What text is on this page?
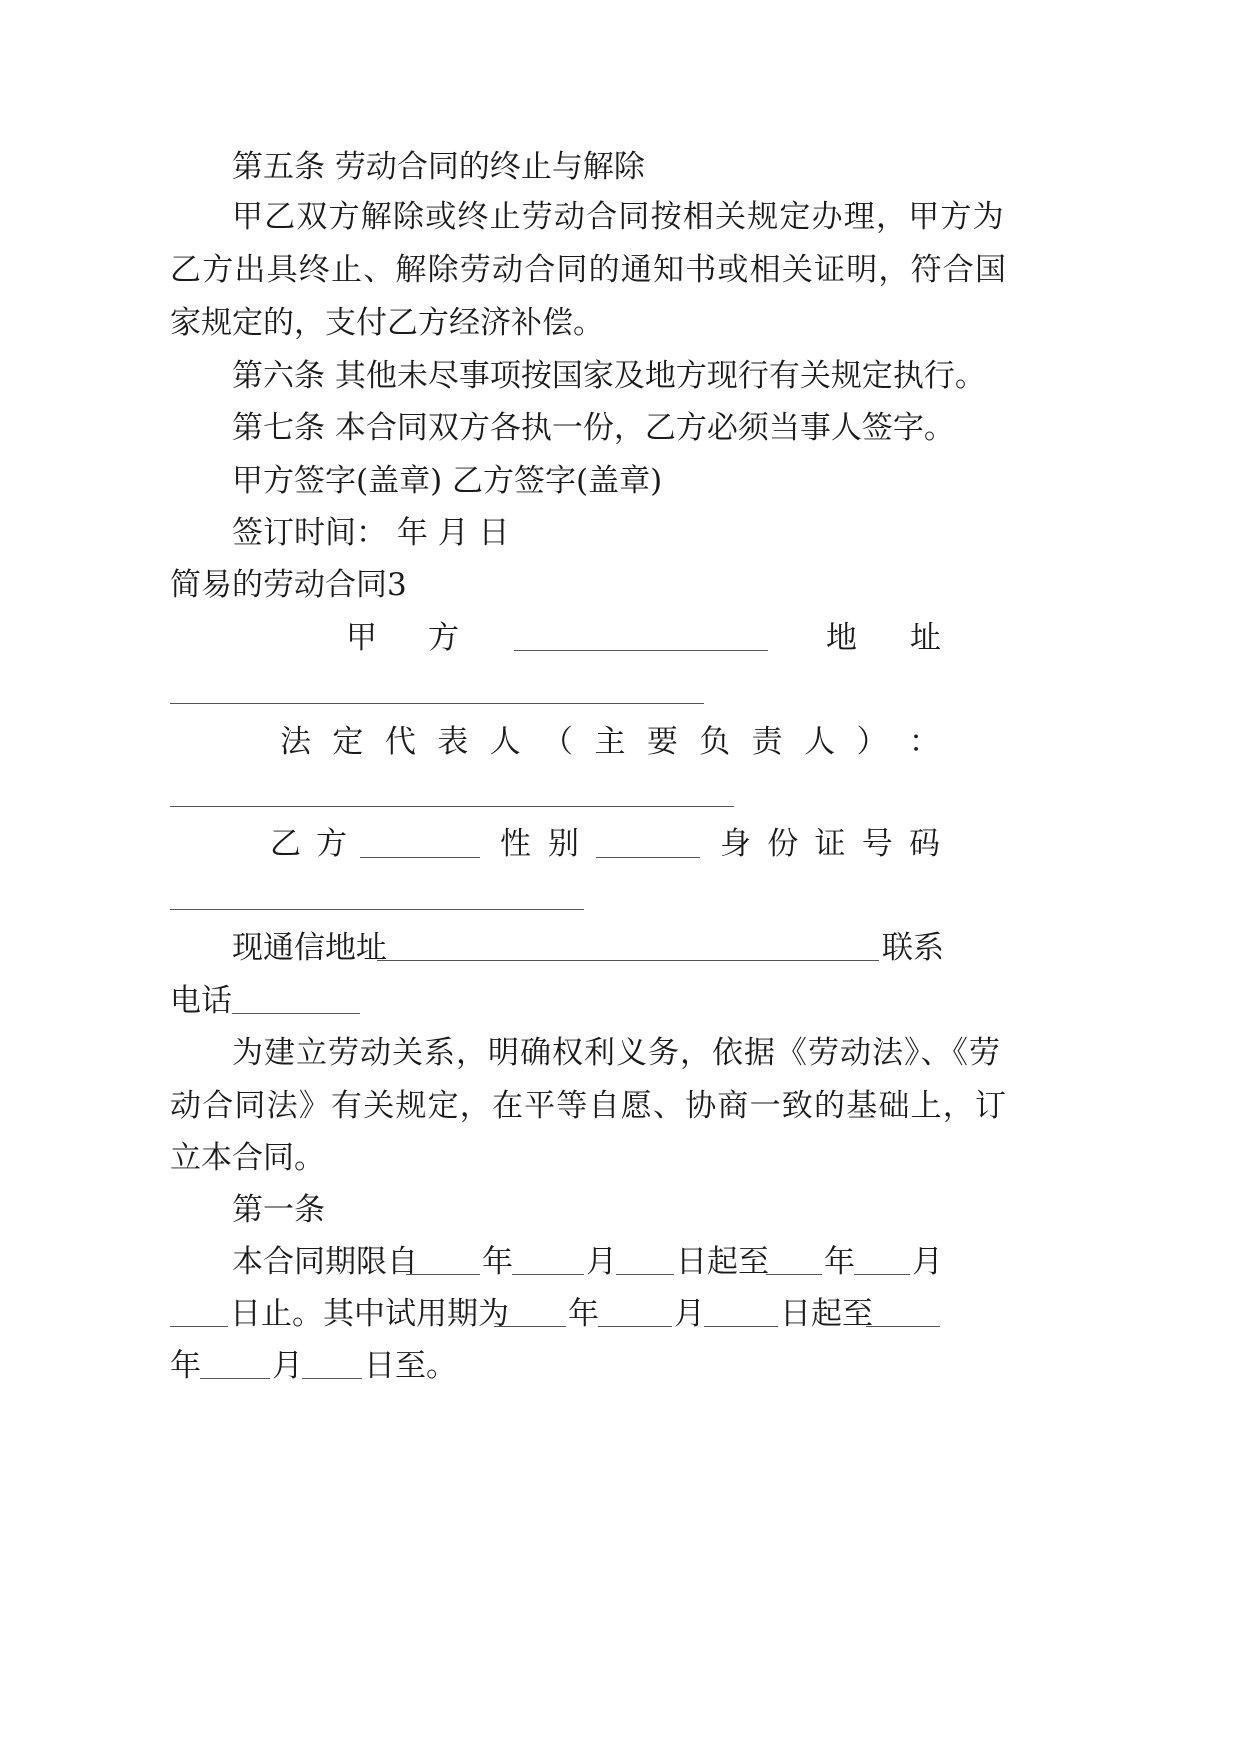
第五条 劳动合同的终止与解除

甲乙双方解除或终止劳动合同按相关规定办理，甲方为

乙方出具终止、解除劳动合同的通知书或相关证明，符合国

家规定的，支付乙方经济补偿。

第六条 其他未尽事项按国家及地方现行有关规定执行。

第七条 本合同双方各执一份，乙方必须当事人签字。

甲方签字(盖章) 乙方签字(盖章)

签订时间： 年 月 日

简易的劳动合同3

甲 方	地 址
法 定 代 表 人 （ 主 要 负 责 人 ） ：
乙 方	性 别	身 份 证 号 码
现通信地址	联系
电话

为建立劳动关系，明确权利义务，依据《劳动法》、《劳

动合同法》有关规定，在平等自愿、协商一致的基础上，订

立本合同。

第一条

本合同期限自 年 月 日起至 年 月
日止。其中试用期为 年 月 日起至
年 月 日至。
